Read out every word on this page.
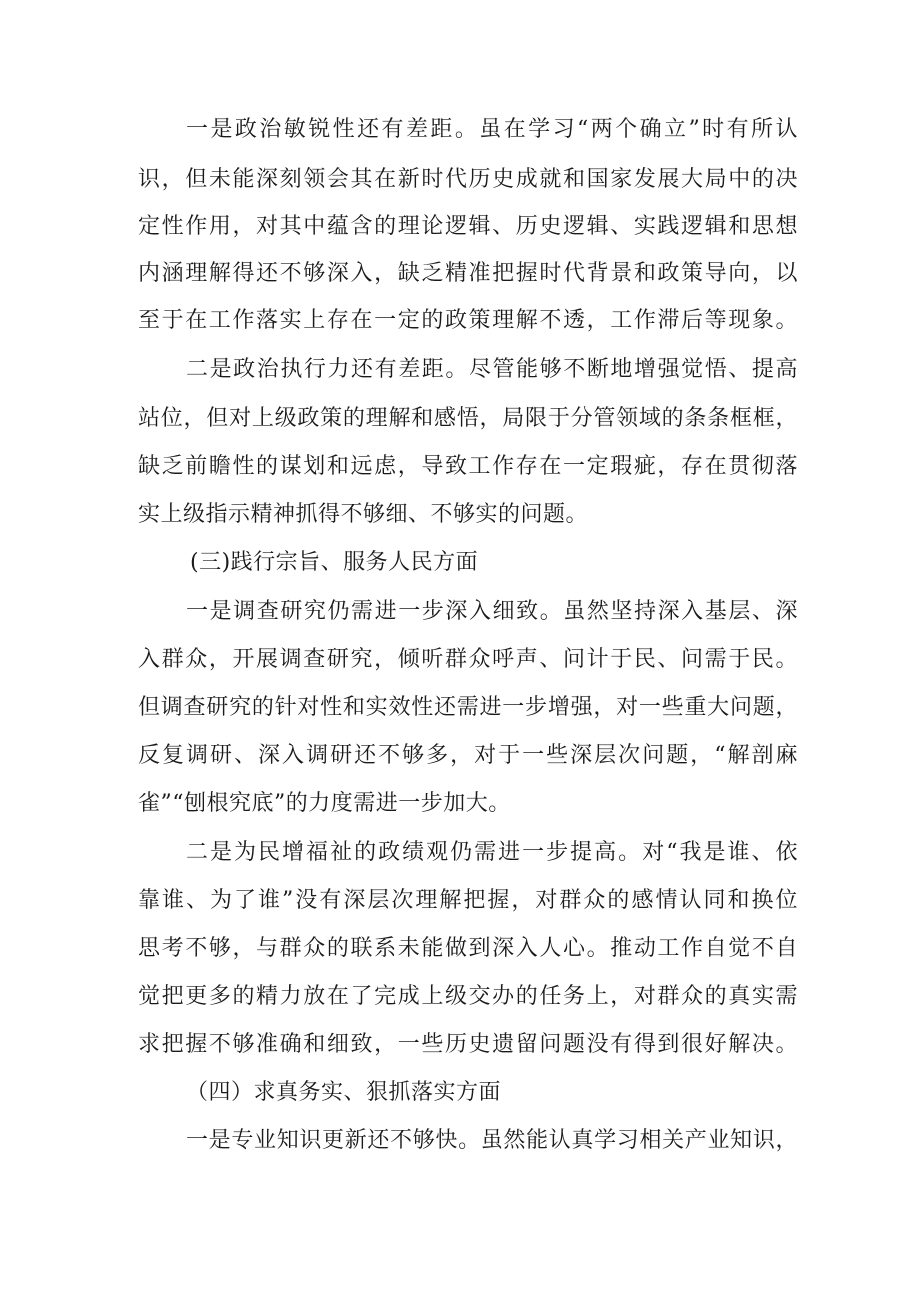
一是政治敏锐性还有差距。虽在学习“两个确立”时有所认
识，但未能深刻领会其在新时代历史成就和国家发展大局中的决
定性作用，对其中蕴含的理论逻辑、历史逻辑、实践逻辑和思想
内涵理解得还不够深入，缺乏精准把握时代背景和政策导向，以
至于在工作落实上存在一定的政策理解不透，工作滞后等现象。
二是政治执行力还有差距。尽管能够不断地增强觉悟、提高
站位，但对上级政策的理解和感悟，局限于分管领域的条条框框，
缺乏前瞻性的谋划和远虑，导致工作存在一定瑕疵，存在贯彻落
实上级指示精神抓得不够细、不够实的问题。
(三)践行宗旨、服务人民方面
一是调查研究仍需进一步深入细致。虽然坚持深入基层、深
入群众，开展调查研究，倾听群众呼声、问计于民、问需于民。
但调查研究的针对性和实效性还需进一步增强，对一些重大问题，
反复调研、深入调研还不够多，对于一些深层次问题，“解剖麻
雀”“刨根究底”的力度需进一步加大。
二是为民增福祉的政绩观仍需进一步提高。对“我是谁、依
靠谁、为了谁”没有深层次理解把握，对群众的感情认同和换位
思考不够，与群众的联系未能做到深入人心。推动工作自觉不自
觉把更多的精力放在了完成上级交办的任务上，对群众的真实需
求把握不够准确和细致，一些历史遗留问题没有得到很好解决。
（四）求真务实、狠抓落实方面
一是专业知识更新还不够快。虽然能认真学习相关产业知识，
